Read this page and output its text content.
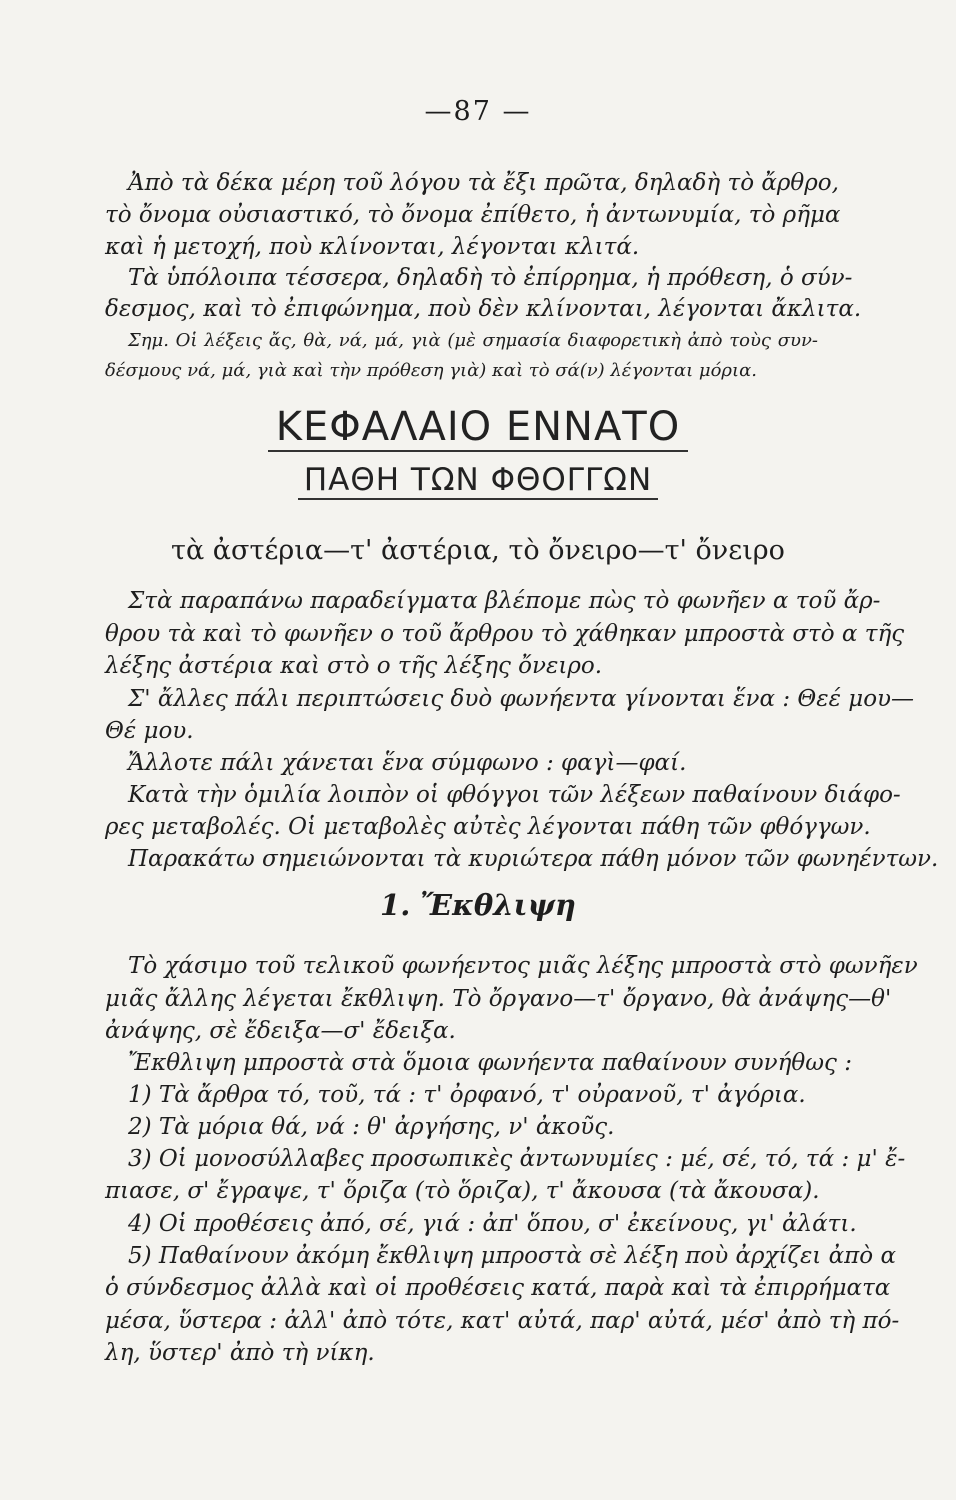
—87 —
Ἀπὸ τὰ δέκα μέρη τοῦ λόγου τὰ ἔξι πρῶτα, δηλαδὴ τὸ ἄρθρο,
τὸ ὄνομα οὐσιαστικό, τὸ ὄνομα ἐπίθετο, ἡ ἀντωνυμία, τὸ ρῆμα
καὶ ἡ μετοχή, ποὺ κλίνονται, λέγονται κλιτά.
Τὰ ὑπόλοιπα τέσσερα, δηλαδὴ τὸ ἐπίρρημα, ἡ πρόθεση, ὁ σύν-
δεσμος, καὶ τὸ ἐπιφώνημα, ποὺ δὲν κλίνονται, λέγονται ἄκλιτα.
Σημ. Οἱ λέξεις ἄς, θὰ, νά, μά, γιὰ (μὲ σημασία διαφορετικὴ ἀπὸ τοὺς συν-
δέσμους νά, μά, γιὰ καὶ τὴν πρόθεση γιὰ) καὶ τὸ σά(ν) λέγονται μόρια.
ΚΕΦΑΛΑΙΟ ΕΝΝΑΤΟ
ΠΑΘΗ ΤΩΝ ΦΘΟΓΓΩΝ
τὰ ἀστέρια—τ' ἀστέρια, τὸ ὄνειρο—τ' ὄνειρο
Στὰ παραπάνω παραδείγματα βλέπομε πὼς τὸ φωνῆεν α τοῦ ἄρ-
θρου τὰ καὶ τὸ φωνῆεν ο τοῦ ἄρθρου τὸ χάθηκαν μπροστὰ στὸ α τῆς
λέξης ἀστέρια καὶ στὸ ο τῆς λέξης ὄνειρο.
Σ' ἄλλες πάλι περιπτώσεις δυὸ φωνήεντα γίνονται ἕνα : Θεέ μου—
Θέ μου.
Ἄλλοτε πάλι χάνεται ἕνα σύμφωνο : φαγὶ—φαί.
Κατὰ τὴν ὁμιλία λοιπὸν οἱ φθόγγοι τῶν λέξεων παθαίνουν διάφο-
ρες μεταβολές. Οἱ μεταβολὲς αὐτὲς λέγονται πάθη τῶν φθόγγων.
Παρακάτω σημειώνονται τὰ κυριώτερα πάθη μόνον τῶν φωνηέντων.
1. Ἔκθλιψη
Τὸ χάσιμο τοῦ τελικοῦ φωνήεντος μιᾶς λέξης μπροστὰ στὸ φωνῆεν
μιᾶς ἄλλης λέγεται ἔκθλιψη. Τὸ ὄργανο—τ' ὄργανο, θὰ ἀνάψης—θ'
ἀνάψης, σὲ ἔδειξα—σ' ἔδειξα.
Ἔκθλιψη μπροστὰ στὰ ὅμοια φωνήεντα παθαίνουν συνήθως :
1) Τὰ ἄρθρα τό, τοῦ, τά : τ' ὀρφανό, τ' οὐρανοῦ, τ' ἀγόρια.
2) Τὰ μόρια θά, νά : θ' ἀργήσης, ν' ἀκοῦς.
3) Οἱ μονοσύλλαβες προσωπικὲς ἀντωνυμίες : μέ, σέ, τό, τά : μ' ἔ-
πιασε, σ' ἔγραψε, τ' ὅριζα (τὸ ὅριζα), τ' ἄκουσα (τὰ ἄκουσα).
4) Οἱ προθέσεις ἀπό, σέ, γιά : ἀπ' ὅπου, σ' ἐκείνους, γι' ἀλάτι.
5) Παθαίνουν ἀκόμη ἔκθλιψη μπροστὰ σὲ λέξη ποὺ ἀρχίζει ἀπὸ α
ὁ σύνδεσμος ἀλλὰ καὶ οἱ προθέσεις κατά, παρὰ καὶ τὰ ἐπιρρήματα
μέσα, ὕστερα : ἀλλ' ἀπὸ τότε, κατ' αὐτά, παρ' αὐτά, μέσ' ἀπὸ τὴ πό-
λη, ὕστερ' ἀπὸ τὴ νίκη.
